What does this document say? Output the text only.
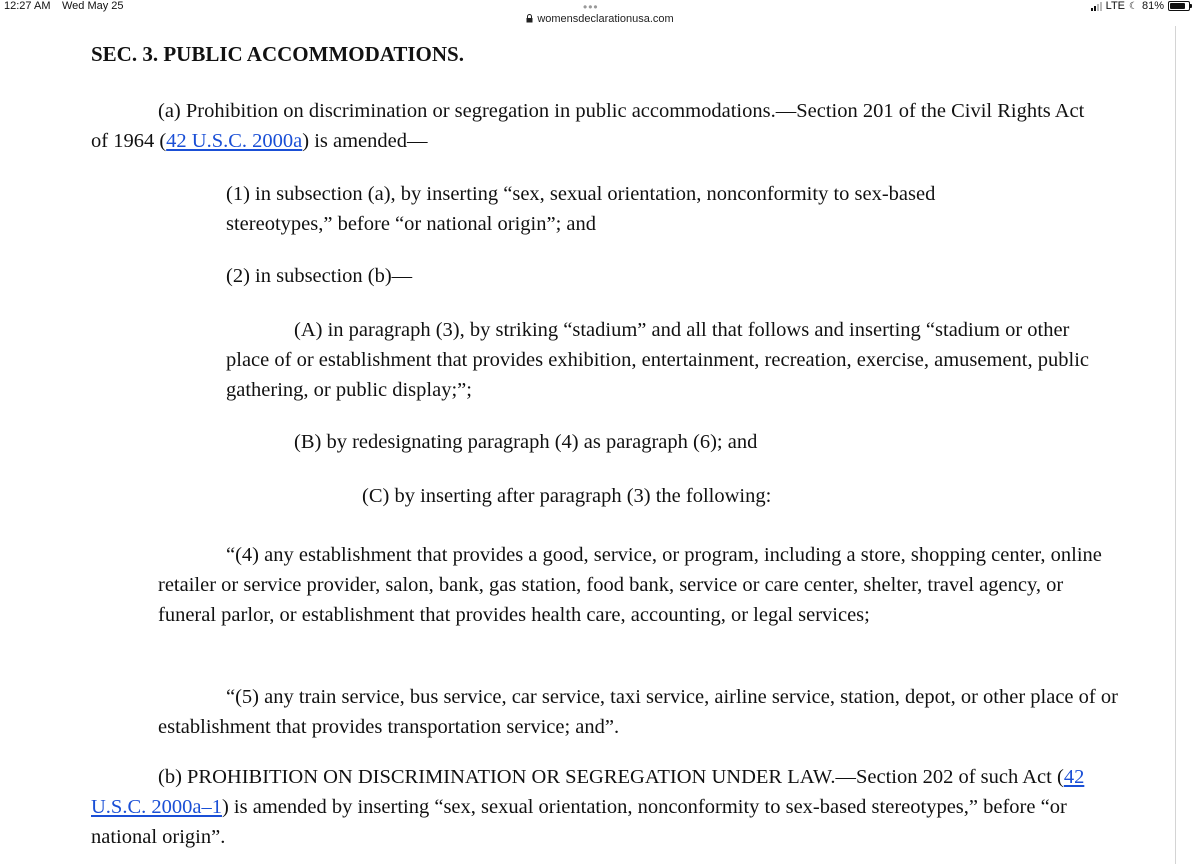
12:27 AM Wed May 25	•••
womensdeclarationusa.com
LTE ☾ 81%
SEC. 3. PUBLIC ACCOMMODATIONS.

(a) Prohibition on discrimination or segregation in public accommodations.—Section 201 of the Civil Rights Act of 1964 (42 U.S.C. 2000a) is amended—

(1) in subsection (a), by inserting “sex, sexual orientation, nonconformity to sex-based stereotypes,” before “or national origin”; and

(2) in subsection (b)—

(A) in paragraph (3), by striking “stadium” and all that follows and inserting “stadium or other place of or establishment that provides exhibition, entertainment, recreation, exercise, amusement, public gathering, or public display;”;

(B) by redesignating paragraph (4) as paragraph (6); and

(C) by inserting after paragraph (3) the following:

“(4) any establishment that provides a good, service, or program, including a store, shopping center, online retailer or service provider, salon, bank, gas station, food bank, service or care center, shelter, travel agency, or funeral parlor, or establishment that provides health care, accounting, or legal services;

“(5) any train service, bus service, car service, taxi service, airline service, station, depot, or other place of or establishment that provides transportation service; and”.

(b) PROHIBITION ON DISCRIMINATION OR SEGREGATION UNDER LAW.—Section 202 of such Act (42 U.S.C. 2000a–1) is amended by inserting “sex, sexual orientation, nonconformity to sex-based stereotypes,” before “or national origin”.
